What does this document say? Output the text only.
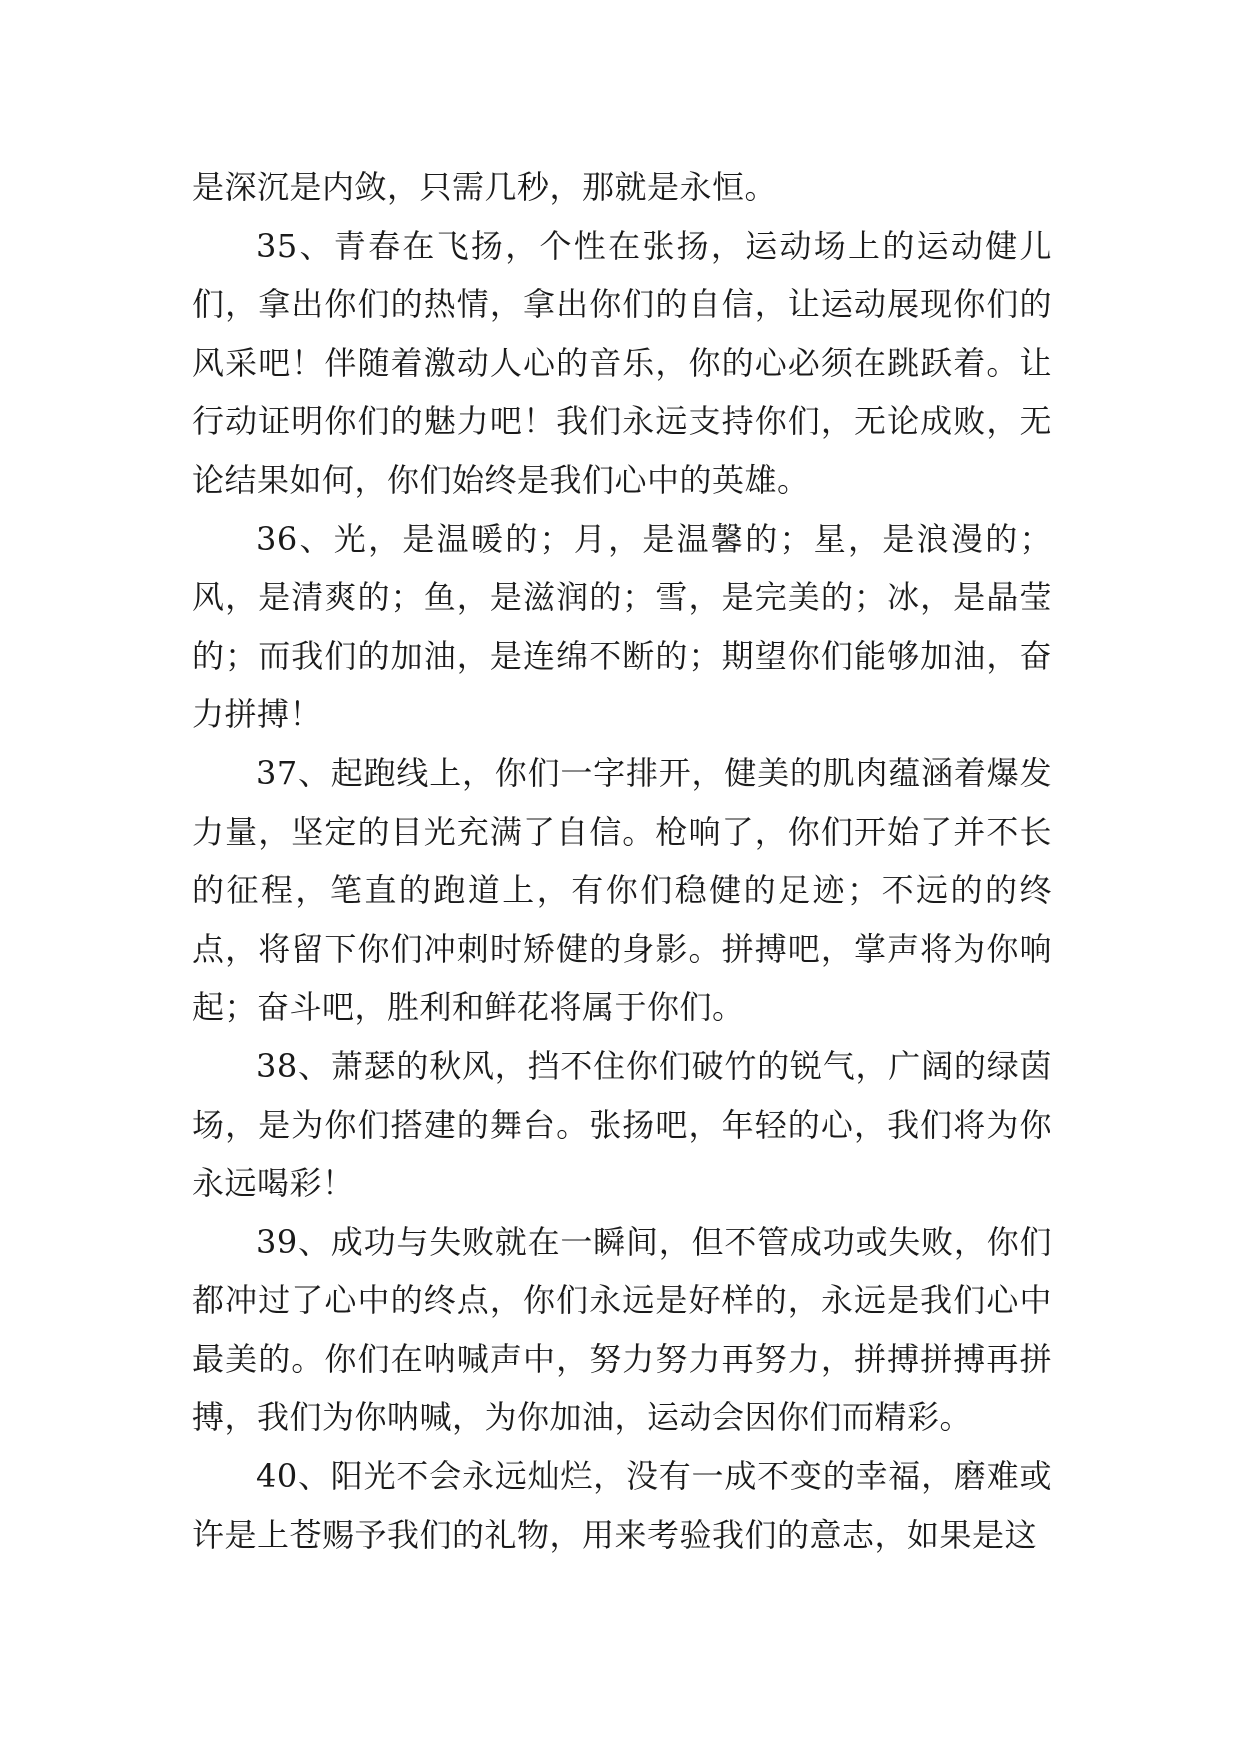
是深沉是内敛，只需几秒，那就是永恒。

35、青春在飞扬，个性在张扬，运动场上的运动健儿们，拿出你们的热情，拿出你们的自信，让运动展现你们的风采吧！伴随着激动人心的音乐，你的心必须在跳跃着。让行动证明你们的魅力吧！我们永远支持你们，无论成败，无论结果如何，你们始终是我们心中的英雄。

36、光，是温暖的；月，是温馨的；星，是浪漫的；风，是清爽的；鱼，是滋润的；雪，是完美的；冰，是晶莹的；而我们的加油，是连绵不断的；期望你们能够加油，奋力拼搏！

37、起跑线上，你们一字排开，健美的肌肉蕴涵着爆发力量，坚定的目光充满了自信。枪响了，你们开始了并不长的征程，笔直的跑道上，有你们稳健的足迹；不远的的终点，将留下你们冲刺时矫健的身影。拼搏吧，掌声将为你响起；奋斗吧，胜利和鲜花将属于你们。

38、萧瑟的秋风，挡不住你们破竹的锐气，广阔的绿茵场，是为你们搭建的舞台。张扬吧，年轻的心，我们将为你永远喝彩！

39、成功与失败就在一瞬间，但不管成功或失败，你们都冲过了心中的终点，你们永远是好样的，永远是我们心中最美的。你们在呐喊声中，努力努力再努力，拼搏拼搏再拼搏，我们为你呐喊，为你加油，运动会因你们而精彩。

40、阳光不会永远灿烂，没有一成不变的幸福，磨难或许是上苍赐予我们的礼物，用来考验我们的意志，如果是这
